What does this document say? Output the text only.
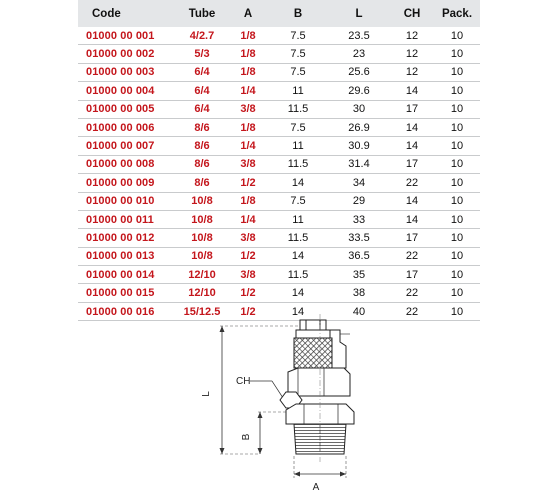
Code	Tube	A	B	L	CH	Pack.
01000 00 001	4/2.7	1/8	7.5	23.5	12	10
01000 00 002	5/3	1/8	7.5	23	12	10
01000 00 003	6/4	1/8	7.5	25.6	12	10
01000 00 004	6/4	1/4	11	29.6	14	10
01000 00 005	6/4	3/8	11.5	30	17	10
01000 00 006	8/6	1/8	7.5	26.9	14	10
01000 00 007	8/6	1/4	11	30.9	14	10
01000 00 008	8/6	3/8	11.5	31.4	17	10
01000 00 009	8/6	1/2	14	34	22	10
01000 00 010	10/8	1/8	7.5	29	14	10
01000 00 011	10/8	1/4	11	33	14	10
01000 00 012	10/8	3/8	11.5	33.5	17	10
01000 00 013	10/8	1/2	14	36.5	22	10
01000 00 014	12/10	3/8	11.5	35	17	10
01000 00 015	12/10	1/2	14	38	22	10
01000 00 016	15/12.5	1/2	14	40	22	10
L
B
CH
A
